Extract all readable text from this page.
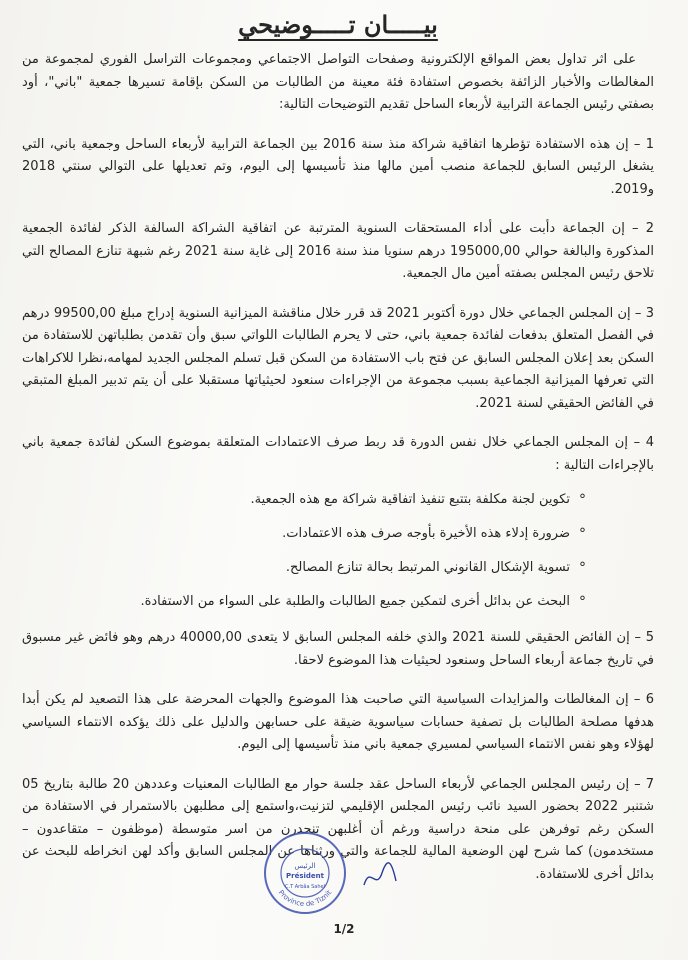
بيـــــان تـــــوضيحي

على اثر تداول بعض المواقع الإلكترونية وصفحات التواصل الاجتماعي ومجموعات التراسل الفوري لمجموعة من المغالطات والأخبار الزائفة بخصوص استفادة فئة معينة من الطالبات من السكن بإقامة تسيرها جمعية "باني"، أود بصفتي رئيس الجماعة الترابية لأربعاء الساحل تقديم التوضيحات التالية:

1 – إن هذه الاستفادة تؤطرها اتفاقية شراكة منذ سنة 2016 بين الجماعة الترابية لأربعاء الساحل وجمعية باني، التي يشغل الرئيس السابق للجماعة منصب أمين مالها منذ تأسيسها إلى اليوم، وتم تعديلها على التوالي سنتي 2018 و2019.

2 – إن الجماعة دأبت على أداء المستحقات السنوية المترتبة عن اتفاقية الشراكة السالفة الذكر لفائدة الجمعية المذكورة والبالغة حوالي 195000,00 درهم سنويا منذ سنة 2016 إلى غاية سنة 2021 رغم شبهة تنازع المصالح التي تلاحق رئيس المجلس بصفته أمين مال الجمعية.

3 – إن المجلس الجماعي خلال دورة أكتوبر 2021 قد قرر خلال مناقشة الميزانية السنوية إدراج مبلغ 99500,00 درهم في الفصل المتعلق بدفعات لفائدة جمعية باني، حتى لا يحرم الطالبات اللواتي سبق وأن تقدمن بطلباتهن للاستفادة من السكن بعد إعلان المجلس السابق عن فتح باب الاستفادة من السكن قبل تسلم المجلس الجديد لمهامه،نظرا للاكراهات التي تعرفها الميزانية الجماعية بسبب مجموعة من الإجراءات سنعود لحيثياتها مستقبلا على أن يتم تدبير المبلغ المتبقي في الفائض الحقيقي لسنة 2021.

4 – إن المجلس الجماعي خلال نفس الدورة قد ربط صرف الاعتمادات المتعلقة بموضوع السكن لفائدة جمعية باني بالإجراءات التالية :

°
تكوين لجنة مكلفة بتتبع تنفيذ اتفاقية شراكة مع هذه الجمعية.
°
ضرورة إدلاء هذه الأخيرة بأوجه صرف هذه الاعتمادات.
°
تسوية الإشكال القانوني المرتبط بحالة تنازع المصالح.
°
البحث عن بدائل أخرى لتمكين جميع الطالبات والطلبة على السواء من الاستفادة.

5 – إن الفائض الحقيقي للسنة 2021 والذي خلفه المجلس السابق لا يتعدى 40000,00 درهم وهو فائض غير مسبوق في تاريخ جماعة أربعاء الساحل وسنعود لحيثيات هذا الموضوع لاحقا.

6 – إن المغالطات والمزايدات السياسية التي صاحبت هذا الموضوع والجهات المحرضة على هذا التصعيد لم يكن أبدا هدفها مصلحة الطالبات بل تصفية حسابات سياسوية ضيقة على حسابهن والدليل على ذلك يؤكده الانتماء السياسي لهؤلاء وهو نفس الانتماء السياسي لمسيري جمعية باني منذ تأسيسها إلى اليوم.

7 – إن رئيس المجلس الجماعي لأربعاء الساحل عقد جلسة حوار مع الطالبات المعنيات وعددهن 20 طالبة بتاريخ 05 شتنبر 2022 بحضور السيد نائب رئيس المجلس الإقليمي لتزنيت،واستمع إلى مطلبهن بالاستمرار في الاستفادة من السكن رغم توفرهن على منحة دراسية ورغم أن أغلبهن تنحدرن من اسر متوسطة (موظفون – متقاعدون – مستخدمون) كما شرح لهن الوضعية المالية للجماعة والتي ورثناها عن المجلس السابق وأكد لهن انخراطه للبحث عن بدائل أخرى للاستفادة.

Province de Tiznit
الرئيس
Président
C.T Arbâa Sahel
1/2
